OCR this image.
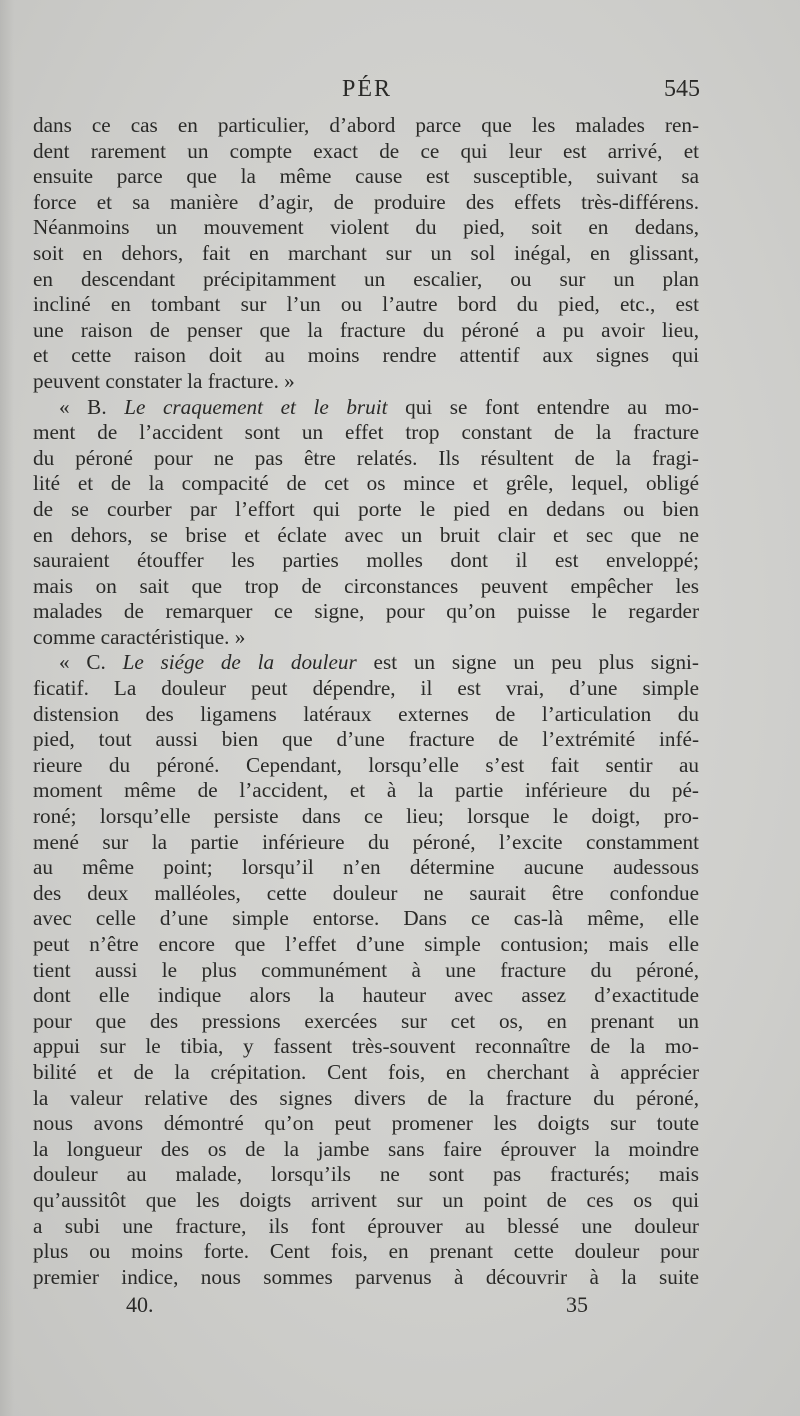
PÉR	545
dans ce cas en particulier, d’abord parce que les malades ren-
dent rarement un compte exact de ce qui leur est arrivé, et
ensuite parce que la même cause est susceptible, suivant sa
force et sa manière d’agir, de produire des effets très-différens.
Néanmoins un mouvement violent du pied, soit en dedans,
soit en dehors, fait en marchant sur un sol inégal, en glissant,
en descendant précipitamment un escalier, ou sur un plan
incliné en tombant sur l’un ou l’autre bord du pied, etc., est
une raison de penser que la fracture du péroné a pu avoir lieu,
et cette raison doit au moins rendre attentif aux signes qui
peuvent constater la fracture. »
« B. Le craquement et le bruit qui se font entendre au mo-
ment de l’accident sont un effet trop constant de la fracture
du péroné pour ne pas être relatés. Ils résultent de la fragi-
lité et de la compacité de cet os mince et grêle, lequel, obligé
de se courber par l’effort qui porte le pied en dedans ou bien
en dehors, se brise et éclate avec un bruit clair et sec que ne
sauraient étouffer les parties molles dont il est enveloppé;
mais on sait que trop de circonstances peuvent empêcher les
malades de remarquer ce signe, pour qu’on puisse le regarder
comme caractéristique. »
« C. Le siége de la douleur est un signe un peu plus signi-
ficatif. La douleur peut dépendre, il est vrai, d’une simple
distension des ligamens latéraux externes de l’articulation du
pied, tout aussi bien que d’une fracture de l’extrémité infé-
rieure du péroné. Cependant, lorsqu’elle s’est fait sentir au
moment même de l’accident, et à la partie inférieure du pé-
roné; lorsqu’elle persiste dans ce lieu; lorsque le doigt, pro-
mené sur la partie inférieure du péroné, l’excite constamment
au même point; lorsqu’il n’en détermine aucune audessous
des deux malléoles, cette douleur ne saurait être confondue
avec celle d’une simple entorse. Dans ce cas-là même, elle
peut n’être encore que l’effet d’une simple contusion; mais elle
tient aussi le plus communément à une fracture du péroné,
dont elle indique alors la hauteur avec assez d’exactitude
pour que des pressions exercées sur cet os, en prenant un
appui sur le tibia, y fassent très-souvent reconnaître de la mo-
bilité et de la crépitation. Cent fois, en cherchant à apprécier
la valeur relative des signes divers de la fracture du péroné,
nous avons démontré qu’on peut promener les doigts sur toute
la longueur des os de la jambe sans faire éprouver la moindre
douleur au malade, lorsqu’ils ne sont pas fracturés; mais
qu’aussitôt que les doigts arrivent sur un point de ces os qui
a subi une fracture, ils font éprouver au blessé une douleur
plus ou moins forte. Cent fois, en prenant cette douleur pour
premier indice, nous sommes parvenus à découvrir à la suite
40.	35
